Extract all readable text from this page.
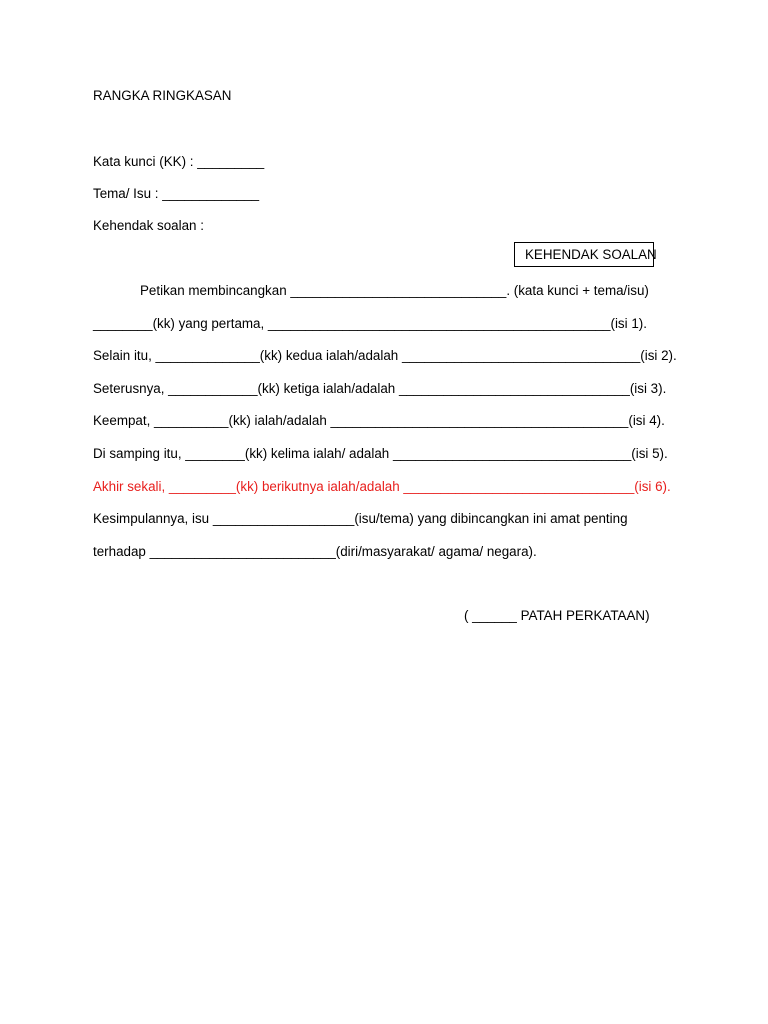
RANGKA RINGKASAN
Kata kunci (KK) : _________
Tema/ Isu : _____________
Kehendak soalan :
KEHENDAK SOALAN
Petikan membincangkan _____________________________. (kata kunci + tema/isu)
________(kk) yang pertama, ______________________________________________(isi 1).
Selain itu, ______________(kk) kedua ialah/adalah ________________________________(isi 2).
Seterusnya, ____________(kk) ketiga ialah/adalah _______________________________(isi 3).
Keempat, __________(kk) ialah/adalah ________________________________________(isi 4).
Di samping itu, ________(kk) kelima ialah/ adalah ________________________________(isi 5).
Akhir sekali, _________(kk) berikutnya ialah/adalah _______________________________(isi 6).
Kesimpulannya, isu ___________________(isu/tema) yang dibincangkan ini amat penting
terhadap _________________________(diri/masyarakat/ agama/ negara).
( ______ PATAH PERKATAAN)
